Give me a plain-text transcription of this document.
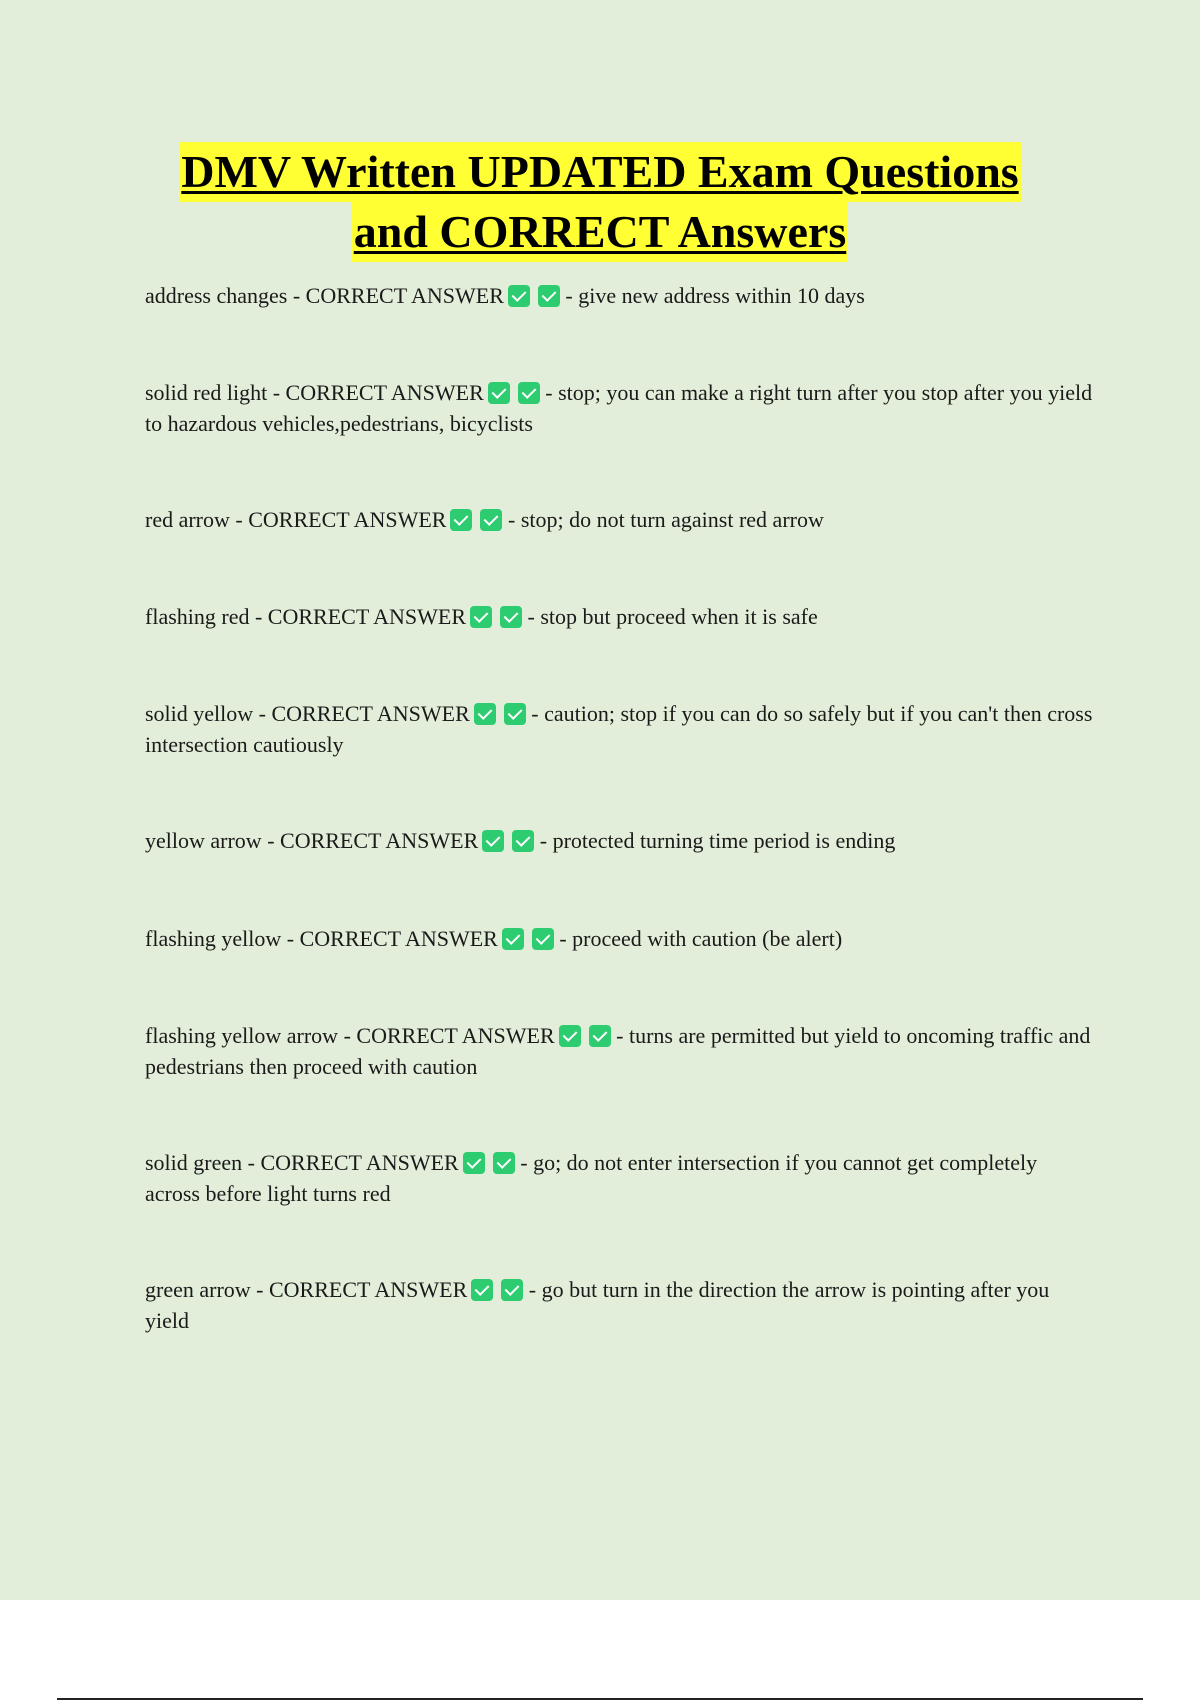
DMV Written UPDATED Exam Questions
and CORRECT Answers
address changes - CORRECT ANSWER	- give new address within 10 days
solid red light - CORRECT ANSWER	- stop; you can make a right turn after you stop after you yield to hazardous vehicles,pedestrians, bicyclists
red arrow - CORRECT ANSWER	- stop; do not turn against red arrow
flashing red - CORRECT ANSWER	- stop but proceed when it is safe
solid yellow - CORRECT ANSWER	- caution; stop if you can do so safely but if you can't then cross intersection cautiously
yellow arrow - CORRECT ANSWER	- protected turning time period is ending
flashing yellow - CORRECT ANSWER	- proceed with caution (be alert)
flashing yellow arrow - CORRECT ANSWER	- turns are permitted but yield to oncoming traffic and pedestrians then proceed with caution
solid green - CORRECT ANSWER	- go; do not enter intersection if you cannot get completely across before light turns red
green arrow - CORRECT ANSWER	- go but turn in the direction the arrow is pointing after you yield
